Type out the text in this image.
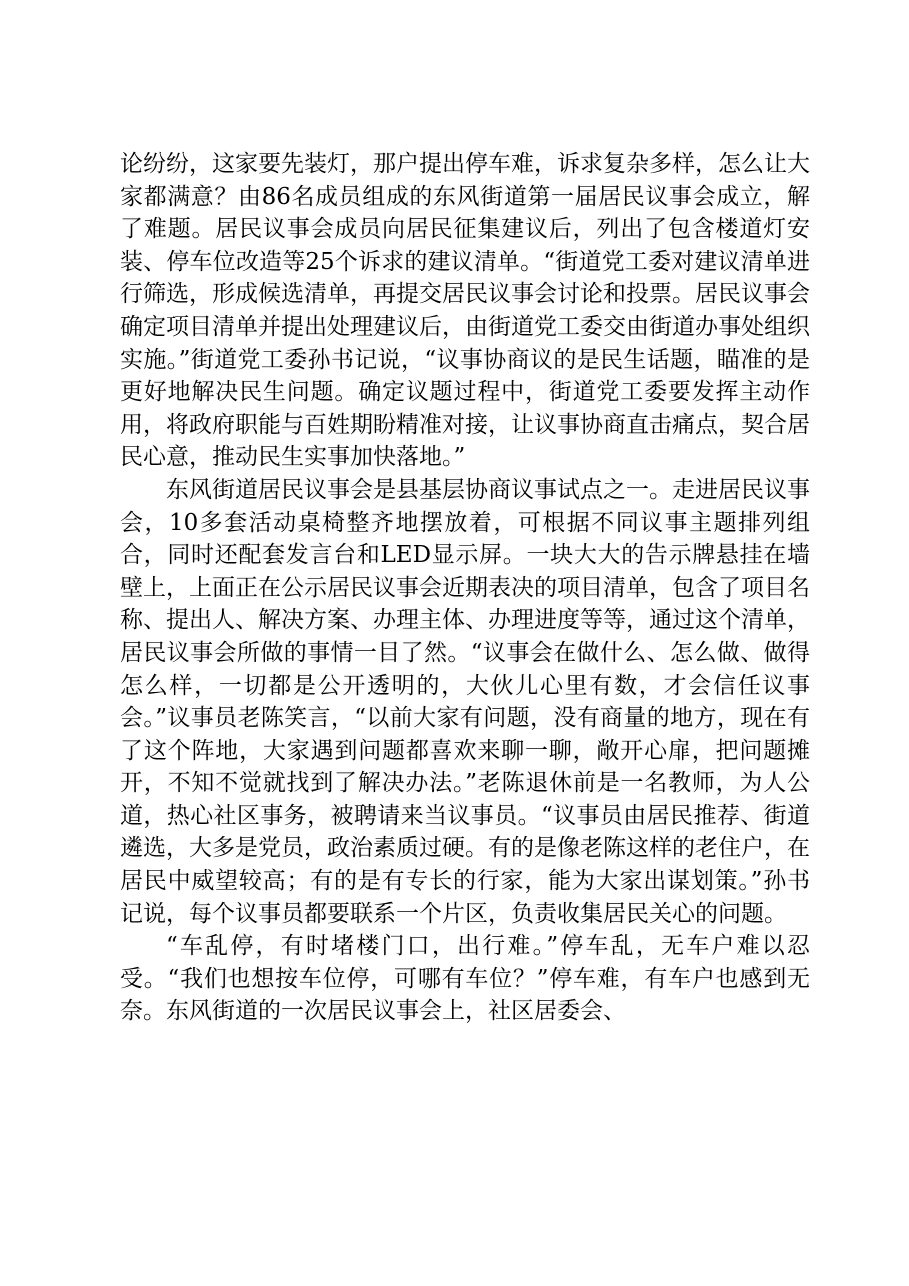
论纷纷，这家要先装灯，那户提出停车难，诉求复杂多样，怎么让大家都满意？由86名成员组成的东风街道第一届居民议事会成立，解了难题。居民议事会成员向居民征集建议后，列出了包含楼道灯安装、停车位改造等25个诉求的建议清单。“街道党工委对建议清单进行筛选，形成候选清单，再提交居民议事会讨论和投票。居民议事会确定项目清单并提出处理建议后，由街道党工委交由街道办事处组织实施。”街道党工委孙书记说，“议事协商议的是民生话题，瞄准的是更好地解决民生问题。确定议题过程中，街道党工委要发挥主动作用，将政府职能与百姓期盼精准对接，让议事协商直击痛点，契合居民心意，推动民生实事加快落地。”

东风街道居民议事会是县基层协商议事试点之一。走进居民议事会，10多套活动桌椅整齐地摆放着，可根据不同议事主题排列组合，同时还配套发言台和LED显示屏。一块大大的告示牌悬挂在墙壁上，上面正在公示居民议事会近期表决的项目清单，包含了项目名称、提出人、解决方案、办理主体、办理进度等等，通过这个清单，居民议事会所做的事情一目了然。“议事会在做什么、怎么做、做得怎么样，一切都是公开透明的，大伙儿心里有数，才会信任议事会。”议事员老陈笑言，“以前大家有问题，没有商量的地方，现在有了这个阵地，大家遇到问题都喜欢来聊一聊，敞开心扉，把问题摊开，不知不觉就找到了解决办法。”老陈退休前是一名教师，为人公道，热心社区事务，被聘请来当议事员。“议事员由居民推荐、街道遴选，大多是党员，政治素质过硬。有的是像老陈这样的老住户，在居民中威望较高；有的是有专长的行家，能为大家出谋划策。”孙书记说，每个议事员都要联系一个片区，负责收集居民关心的问题。

“车乱停，有时堵楼门口，出行难。”停车乱，无车户难以忍受。“我们也想按车位停，可哪有车位？”停车难，有车户也感到无奈。东风街道的一次居民议事会上，社区居委会、
